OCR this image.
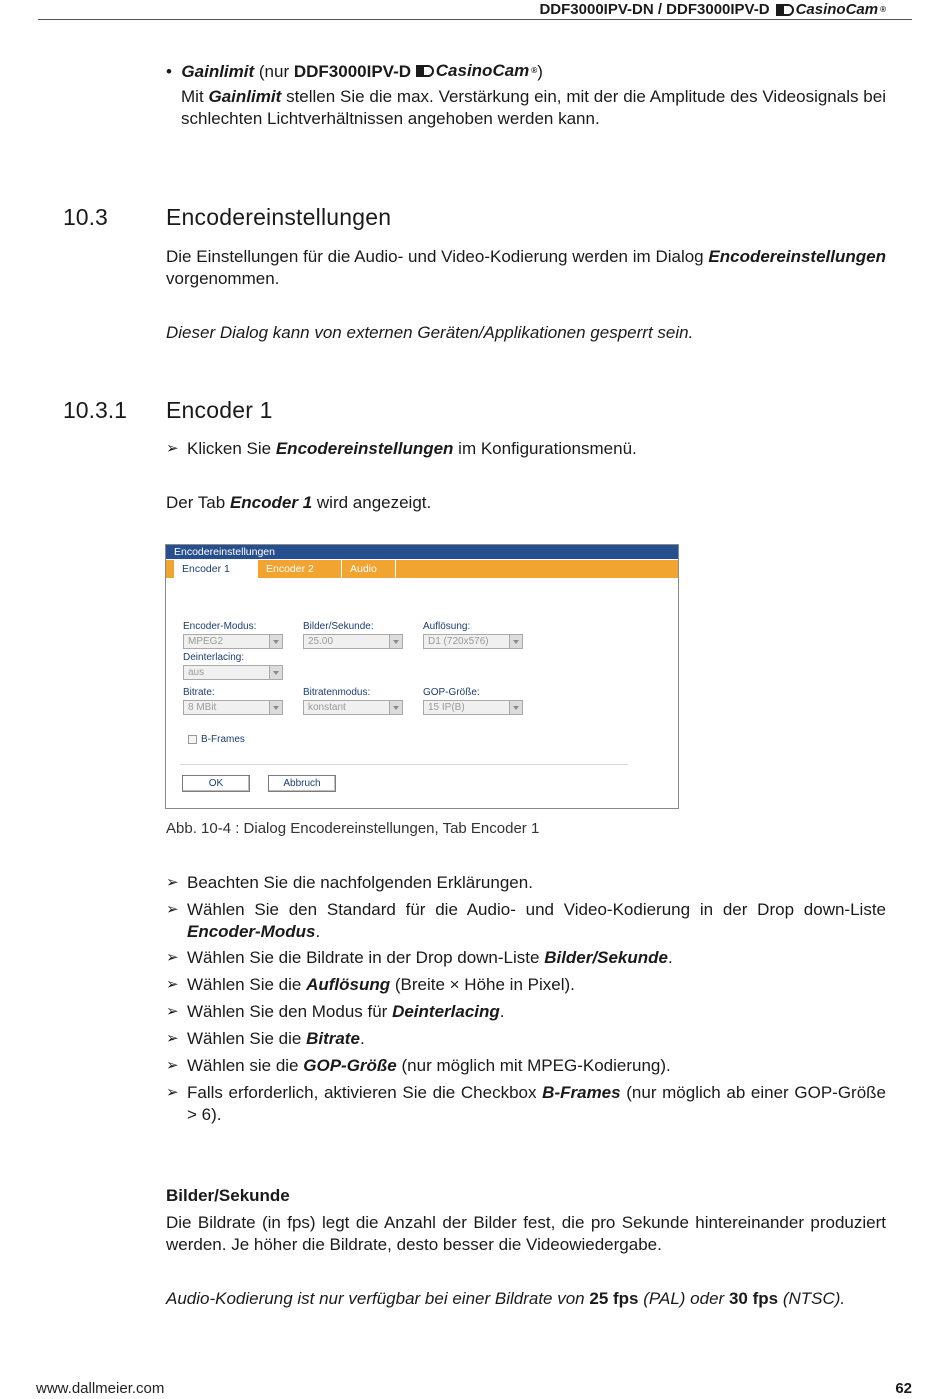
DDF3000IPV-DN / DDF3000IPV-D CasinoCam ®
•  Gainlimit (nur DDF3000IPV-D CasinoCam ® )
Mit Gainlimit stellen Sie die max. Verstärkung ein, mit der die Amplitude des Videosignals bei schlechten Lichtverhältnissen angehoben werden kann.
10.3	Encodereinstellungen
Die Einstellungen für die Audio- und Video-Kodierung werden im Dialog Encodereinstellungen vorgenommen.
Dieser Dialog kann von externen Geräten/Applikationen gesperrt sein.
10.3.1 Encoder 1
➢ Klicken Sie Encodereinstellungen im Konfigurationsmenü.
Der Tab Encoder 1 wird angezeigt.
Encodereinstellungen
Encoder 1	Encoder 2	Audio
Encoder-Modus:
MPEG2
Bilder/Sekunde:
25.00
Auflösung:
D1 (720x576)
Deinterlacing:
aus
Bitrate:
8 MBit
Bitratenmodus:
konstant
GOP-Größe:
15 IP(B)
B-Frames
OK	Abbruch
Abb. 10-4 : Dialog Encodereinstellungen, Tab Encoder 1
➢ Beachten Sie die nachfolgenden Erklärungen.
➢ Wählen Sie den Standard für die Audio- und Video-Kodierung in der Drop down-Liste Encoder-Modus.
➢ Wählen Sie die Bildrate in der Drop down-Liste Bilder/Sekunde.
➢ Wählen Sie die Auflösung (Breite × Höhe in Pixel).
➢ Wählen Sie den Modus für Deinterlacing.
➢ Wählen Sie die Bitrate.
➢ Wählen sie die GOP-Größe (nur möglich mit MPEG-Kodierung).
➢ Falls erforderlich, aktivieren Sie die Checkbox B-Frames (nur möglich ab einer GOP-Größe > 6).
Bilder/Sekunde
Die Bildrate (in fps) legt die Anzahl der Bilder fest, die pro Sekunde hintereinander produziert werden. Je höher die Bildrate, desto besser die Videowiedergabe.
Audio-Kodierung ist nur verfügbar bei einer Bildrate von 25 fps (PAL) oder 30 fps (NTSC).
www.dallmeier.com	62
